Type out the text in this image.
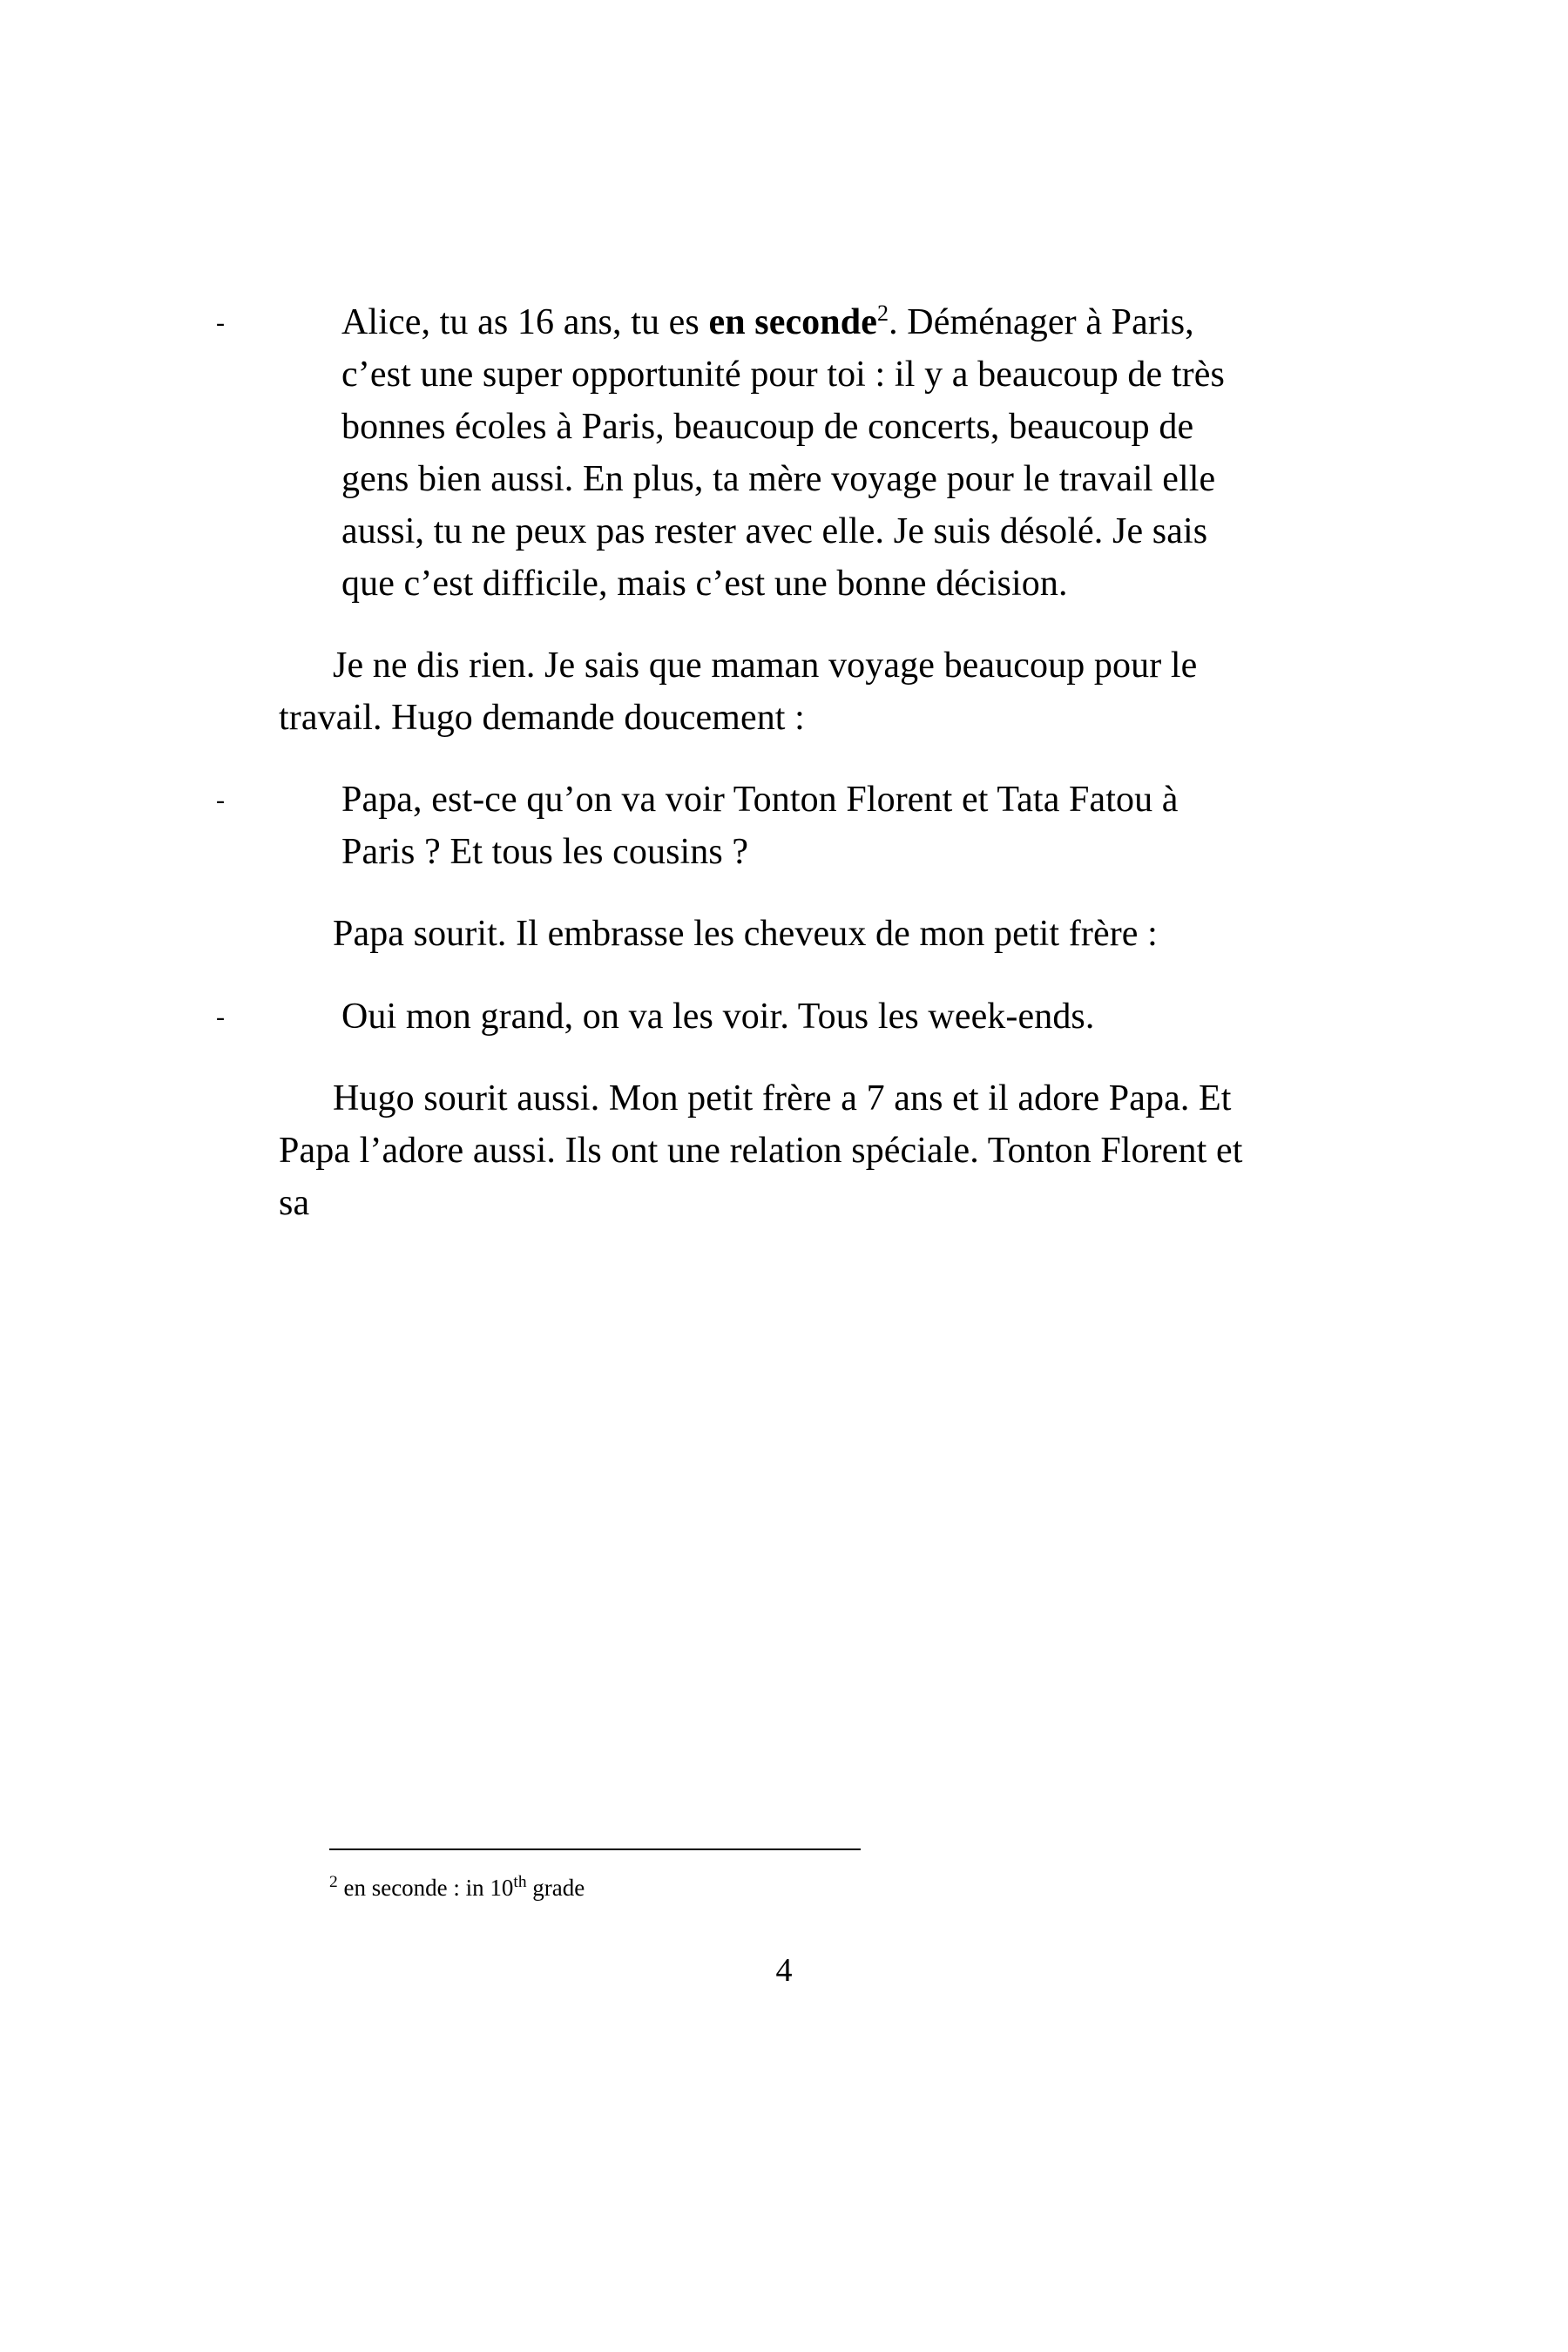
-	Alice, tu as 16 ans, tu es en seconde$^2$. Déménager à Paris, c’est une super opportunité pour toi : il y a beaucoup de très bonnes écoles à Paris, beaucoup de concerts, beaucoup de gens bien aussi. En plus, ta mère voyage pour le travail elle aussi, tu ne peux pas rester avec elle. Je suis désolé. Je sais que c’est difficile, mais c’est une bonne décision.

Je ne dis rien. Je sais que maman voyage beaucoup pour le travail. Hugo demande doucement :

-	Papa, est-ce qu’on va voir Tonton Florent et Tata Fatou à Paris ? Et tous les cousins ?

Papa sourit. Il embrasse les cheveux de mon petit frère :

-	Oui mon grand, on va les voir. Tous les week-ends.

Hugo sourit aussi. Mon petit frère a 7 ans et il adore Papa. Et Papa l’adore aussi. Ils ont une relation spéciale. Tonton Florent et sa

$^2$ en seconde : in 10th grade
4
